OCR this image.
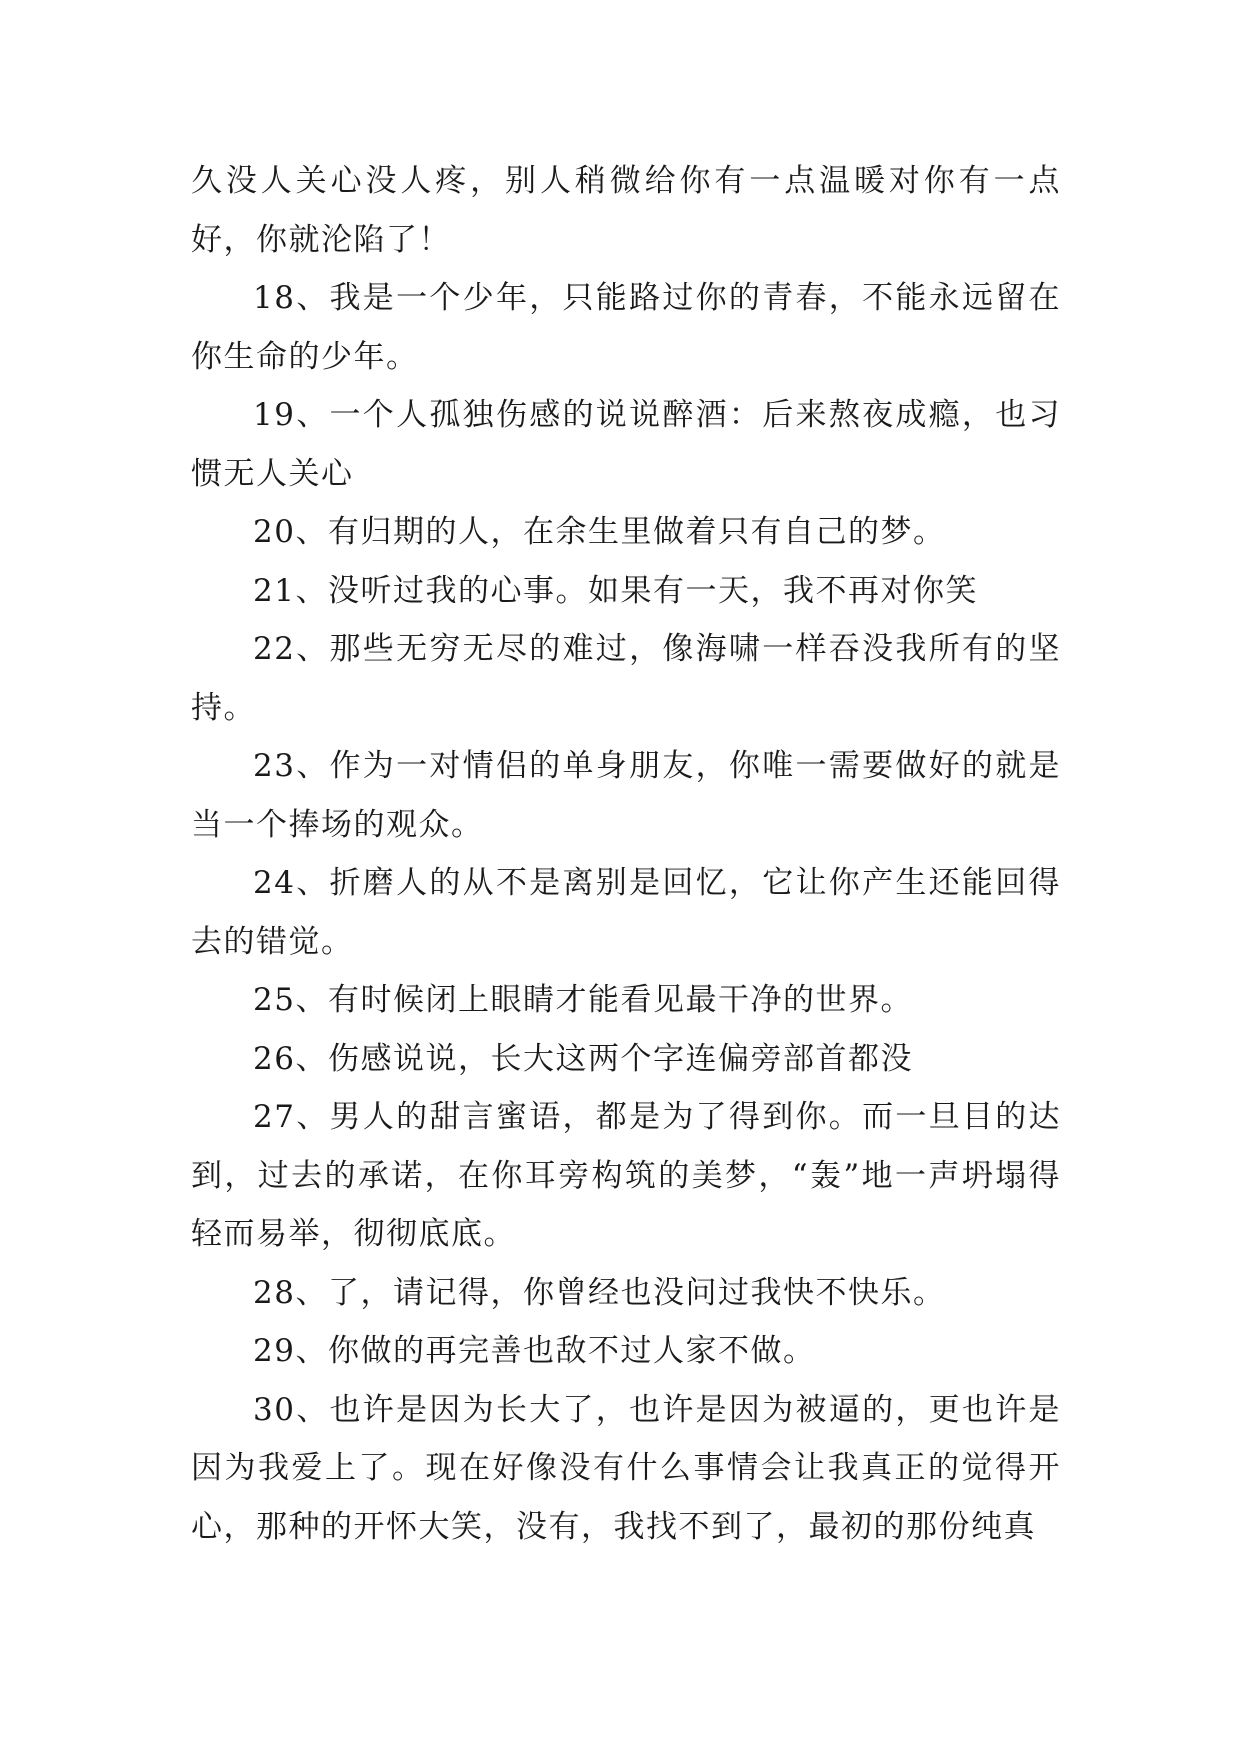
久没人关心没人疼，别人稍微给你有一点温暖对你有一点好，你就沦陷了！

18、我是一个少年，只能路过你的青春，不能永远留在你生命的少年。

19、一个人孤独伤感的说说醉酒：后来熬夜成瘾，也习惯无人关心

20、有归期的人，在余生里做着只有自己的梦。

21、没听过我的心事。如果有一天，我不再对你笑

22、那些无穷无尽的难过，像海啸一样吞没我所有的坚持。

23、作为一对情侣的单身朋友，你唯一需要做好的就是当一个捧场的观众。

24、折磨人的从不是离别是回忆，它让你产生还能回得去的错觉。

25、有时候闭上眼睛才能看见最干净的世界。

26、伤感说说，长大这两个字连偏旁部首都没

27、男人的甜言蜜语，都是为了得到你。而一旦目的达到，过去的承诺，在你耳旁构筑的美梦，“轰”地一声坍塌得轻而易举，彻彻底底。

28、了，请记得，你曾经也没问过我快不快乐。

29、你做的再完善也敌不过人家不做。

30、也许是因为长大了，也许是因为被逼的，更也许是因为我爱上了。现在好像没有什么事情会让我真正的觉得开心，那种的开怀大笑，没有，我找不到了，最初的那份纯真
